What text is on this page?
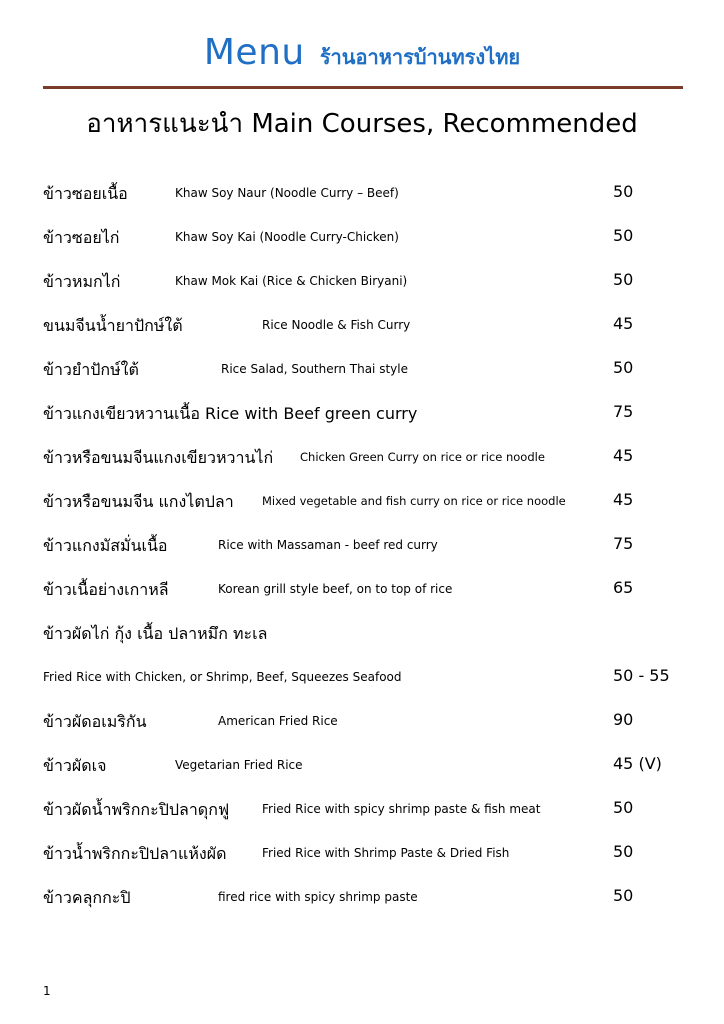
Menu ร้านอาหารบ้านทรงไทย
อาหารแนะนำ Main Courses, Recommended
ข้าวซอยเนื้อ	Khaw Soy Naur (Noodle Curry – Beef)	50
ข้าวซอยไก่	Khaw Soy Kai (Noodle Curry-Chicken)	50
ข้าวหมกไก่	Khaw Mok Kai (Rice & Chicken Biryani)	50
ขนมจีนน้ำยาปักษ์ใต้	Rice Noodle & Fish Curry	45
ข้าวยำปักษ์ใต้	Rice Salad, Southern Thai style	50
ข้าวแกงเขียวหวานเนื้อ Rice with Beef green curry	75
ข้าวหรือขนมจีนแกงเขียวหวานไก่ Chicken Green Curry on rice or rice noodle	45
ข้าวหรือขนมจีน แกงไตปลา Mixed vegetable and fish curry on rice or rice noodle	45
ข้าวแกงมัสมั่นเนื้อ	Rice with Massaman - beef red curry	75
ข้าวเนื้อย่างเกาหลี	Korean grill style beef, on to top of rice	65
ข้าวผัดไก่ กุ้ง เนื้อ ปลาหมึก ทะเล
Fried Rice with Chicken, or Shrimp, Beef, Squeezes Seafood	50 - 55
ข้าวผัดอเมริกัน	American Fried Rice	90
ข้าวผัดเจ	Vegetarian Fried Rice	45 (V)
ข้าวผัดน้ำพริกกะปิปลาดุกฟู	Fried Rice with spicy shrimp paste & fish meat	50
ข้าวน้ำพริกกะปิปลาแห้งผัด	Fried Rice with Shrimp Paste & Dried Fish	50
ข้าวคลุกกะปิ	fired rice with spicy shrimp paste	50
1
